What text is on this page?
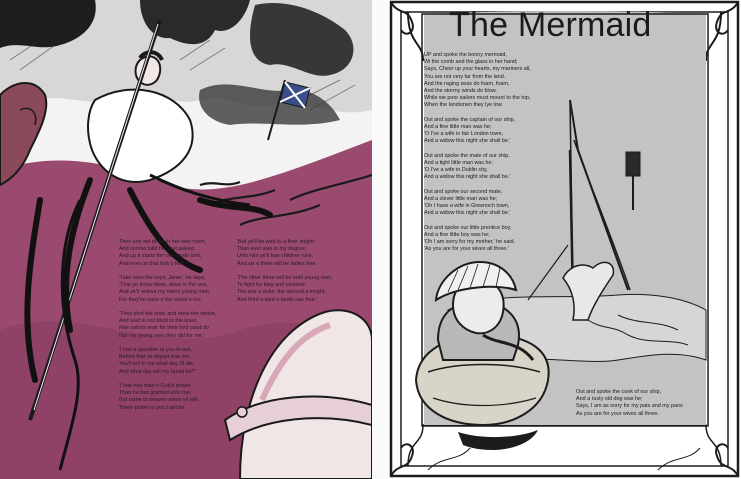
Then she sat down in her own room,
And sorrow lulld her fast asleep,
And up it starts her own gude lord,
And even at that lady's feet.

'Take here the keys, Janet,' he says,
'That ye threw deep, deep in the sea;
And ye'll relieve my merry young men,
For they've nane o the swick o me.

'They shot the shot, and drew the stroke,
And wad in red bluid to the knee;
Nae sailors mair for their lord coud do
Nor my young men they did for me.'

'I hae a question at you to ask,
Before that ye depart frae me;
You'll tell to me what day I'll die,
And what day will my burial be?'

'I hae nae mair o God's power
Than he has granted unto me;
But come to heaven when ye will,
There porter to you I will be.

'But ye'll be wed to a finer knight
Than ever was in my degree;
Unto him ye'll hae children nine,
And six o them will be ladies free.

'The other three will be bold young men,
To fight for king and countrie;
The ane a duke, the second a knight,
And third a laird o lands sae free.'

The Mermaid

UP and spoke the bonny mermaid,
Wi the comb and the glass in her hand;
Says, Cheer up your hearts, my mariners all,
You are not very far from the land.
And the raging seas do foam, foam,
And the stormy winds do blow,
While we poor sailors must mount to the top,
When the landsmen they lye low.

Out and spoke the captain of our ship,
And a fine little man was he;
'O I've a wife in fair London town,
And a widow this night she shall be.'

Out and spoke the mate of our ship,
And a tight little man was he;
'O I've a wife in Dublin city,
And a widow this night she shall be.'

Out and spoke our second mate,
And a clever little man was he;
'Oh I have a wife in Greenoch town,
And a widow this night she shall be.'

Out and spoke our little prentice boy,
And a fine little boy was he;
'Oh I am sorry for my mother,' he said,
'As you are for your wives all three.'

Out and spoke the cook of our ship,
And a rusty old dog was he;
Says, I am as sorry for my pats and my pans
As you are for your wives all three.
